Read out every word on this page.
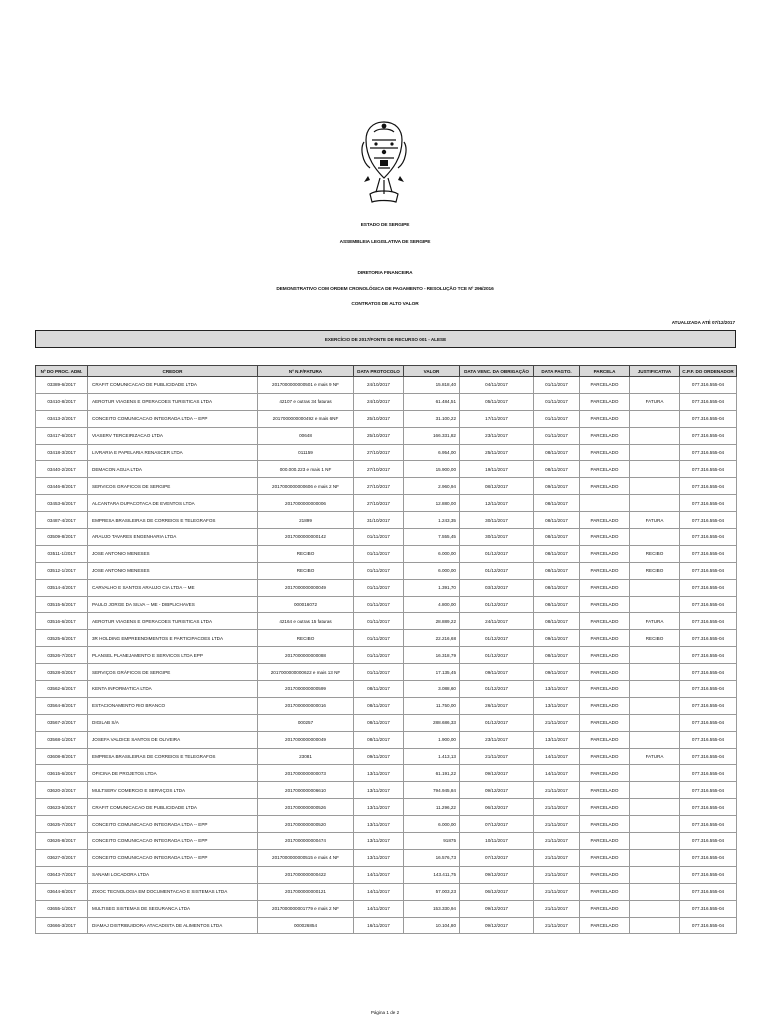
ESTADO DE SERGIPE
ASSEMBLEIA LEGISLATIVA DE SERGIPE
DIRETORIA FINANCEIRA
DEMONSTRATIVO COM ORDEM CRONOLÓGICA DE PAGAMENTO - RESOLUÇÃO TCE Nº 296/2016
CONTRATOS DE ALTO VALOR
ATUALIZADA ATÉ 07/12/2017
EXERCÍCIO DE 2017/FONTE DE RECURSO 001 - ALESE
Nº DO PROC. ADM.	CREDOR	Nº N.F/FATURA	DATA PROTOCOLO	VALOR	DATA VENC. DA OBRIGAÇÃO	DATA PAGTO.	PARCELA	JUSTIFICATIVA	C.P.F. DO ORDENADOR
03389-6/2017	CRAFIT COMUNICACAO DE PUBLICIDADE LTDA	2017000000000501 e mais 9 NF	24/10/2017	15.818,40	04/11/2017	01/11/2017	PARCELADO		077.316.555-04
03410-8/2017	AEROTUR VIAGENS E OPERACOES TURISTICAS LTDA	42107 e outras 34 faturas	24/10/2017	61.484,51	05/11/2017	01/11/2017	PARCELADO	FATURA	077.316.555-04
03413-2/2017	CONCEITO COMUNICACAO INTEGRADA LTDA -- EPP	2017000000000492 e mais 6NF	25/10/2017	31.100,22	17/11/2017	01/11/2017	PARCELADO		077.316.555-04
03417-6/2017	VIASERV TERCEIRIZACAO LTDA	00648	25/10/2017	166.331,82	23/11/2017	01/11/2017	PARCELADO		077.316.555-04
03418-3/2017	LIVRARIA E PAPELARIA RENASCER LTDA	011159	27/10/2017	6.954,00	25/11/2017	08/11/2017	PARCELADO		077.316.555-04
03440-2/2017	DEMACON AGUA LTDA	000.000.223 e mais 1 NF	27/10/2017	15.900,00	19/11/2017	08/11/2017	PARCELADO		077.316.555-04
03446-8/2017	SERVICOS GRAFICOS DE SERGIPE	2017000000000606 e mais 2 NF	27/10/2017	2.960,94	08/12/2017	09/11/2017	PARCELADO		077.316.555-04
03453-6/2017	ALCANTARA DUPACOTACA DE EVENTOS LTDA	2017000000000006	27/10/2017	12.880,00	12/11/2017	08/11/2017			077.316.555-04
03487-4/2017	EMPRESA BRASILEIRAS DE CORREIOS E TELEGRAFOS	21899	31/10/2017	1.243,35	30/11/2017	08/11/2017	PARCELADO	FATURA	077.316.555-04
03509-8/2017	ARAUJO TAVARES ENGENHARIA LTDA	2017000000000142	01/11/2017	7.555,45	30/11/2017	08/11/2017	PARCELADO		077.316.555-04
03511-1/2017	JOSE ANTONIO MENESES	RECIBO	01/11/2017	6.000,00	01/12/2017	08/11/2017	PARCELADO	RECIBO	077.316.555-04
03512-1/2017	JOSE ANTONIO MENESES	RECIBO	01/11/2017	6.000,00	01/12/2017	08/11/2017	PARCELADO	RECIBO	077.316.555-04
03514-4/2017	CARVALHO E SANTOS ARAUJO CIA LTDA -- ME	2017000000000049	01/11/2017	1.391,70	03/12/2017	08/11/2017	PARCELADO		077.316.555-04
03515-5/2017	PAULO JORGE DA SILVA -- ME - DIBPLICHAVES	000016072	01/11/2017	4.800,00	01/12/2017	08/11/2017	PARCELADO		077.316.555-04
03516-6/2017	AEROTUR VIAGENS E OPERACOES TURISTICAS LTDA	42164 e outras 15 faturas	01/11/2017	28.889,22	24/11/2017	08/11/2017	PARCELADO	FATURA	077.316.555-04
03525-6/2017	3R HOLDING EMPREENDIMENTOS E PARTICIPACOES LTDA	RECIBO	01/11/2017	22.216,68	01/12/2017	09/11/2017	PARCELADO	RECIBO	077.316.555-04
03526-7/2017	PLANSEL PLANEJAMENTO E SERVICOS LTDA EPP	2017000000000088	01/11/2017	16.318,79	01/12/2017	08/11/2017	PARCELADO		077.316.555-04
03528-0/2017	SERVIÇOS GRÁFICOS DE SERGIPE	2017000000000622 e mais 13 NF	01/11/2017	17.135,45	09/11/2017	09/11/2017	PARCELADO		077.316.555-04
03562-6/2017	KENTA INFORMATICA LTDA	2017000000000599	08/11/2017	3.088,60	01/12/2017	13/11/2017	PARCELADO		077.316.555-04
03564-8/2017	ESTACIONAMENTO RIO BRANCO	2017000000000016	08/11/2017	11.750,00	26/11/2017	13/11/2017	PARCELADO		077.316.555-04
03567-2/2017	DIGILAB S/A	000257	08/11/2017	288.686,33	01/12/2017	21/11/2017	PARCELADO		077.316.555-04
03568-1/2017	JOSEFA VALDICE SANTOS DE OLIVEIRA	2017000000000049	08/11/2017	1.900,00	23/11/2017	13/11/2017	PARCELADO		077.316.555-04
03608-8/2017	EMPRESA BRASILEIRAS DE CORREIOS E TELEGRAFOS	23081	09/11/2017	1.413,13	21/11/2017	14/11/2017	PARCELADO	FATURA	077.316.555-04
03615-6/2017	OFICINA DE PROJETOS LTDA	2017000000000073	13/11/2017	61.191,22	09/12/2017	14/11/2017	PARCELADO		077.316.555-04
03620-2/2017	MULTSERV COMERCIO E SERVIÇOS LTDA	2017000000006610	13/11/2017	794.945,84	09/12/2017	21/11/2017	PARCELADO		077.316.555-04
03623-5/2017	CRAFIT COMUNICACAO DE PUBLICIDADE LTDA	2017000000000526	13/11/2017	11.296,22	06/12/2017	21/11/2017	PARCELADO		077.316.555-04
03625-7/2017	CONCEITO COMUNICACAO INTEGRADA LTDA -- EPP	2017000000000520	13/11/2017	6.000,00	07/12/2017	21/11/2017	PARCELADO		077.316.555-04
03626-8/2017	CONCEITO COMUNICACAO INTEGRADA LTDA -- EPP	2017000000000474	13/11/2017	91875	10/11/2017	21/11/2017	PARCELADO		077.316.555-04
03627-0/2017	CONCEITO COMUNICACAO INTEGRADA LTDA -- EPP	2017000000000515 e mais 4 NF	13/11/2017	16.576,73	07/12/2017	21/11/2017	PARCELADO		077.316.555-04
03643-7/2017	SANAMI LOCADORA LTDA	2017000000000422	14/11/2017	143.411,75	09/12/2017	21/11/2017	PARCELADO		077.316.555-04
03644-8/2017	ZIXOC TECNOLOGIA EM DOCUMENTACAO E SISTEMAS LTDA	2017000000000121	14/11/2017	57.003,23	06/12/2017	21/11/2017	PARCELADO		077.316.555-04
03655-1/2017	MULTISEG SISTEMAS DE SEGURANCA LTDA	2017000000001779 e mais 2 NF	14/11/2017	153.330,94	09/12/2017	21/11/2017	PARCELADO		077.316.555-04
03666-3/2017	DIAMAJ DISTRIBUIDORA ATACADISTA DE ALIMENTOS LTDA	000026854	16/11/2017	10.104,80	09/12/2017	21/11/2017	PARCELADO		077.316.555-04
Página 1 de 2
